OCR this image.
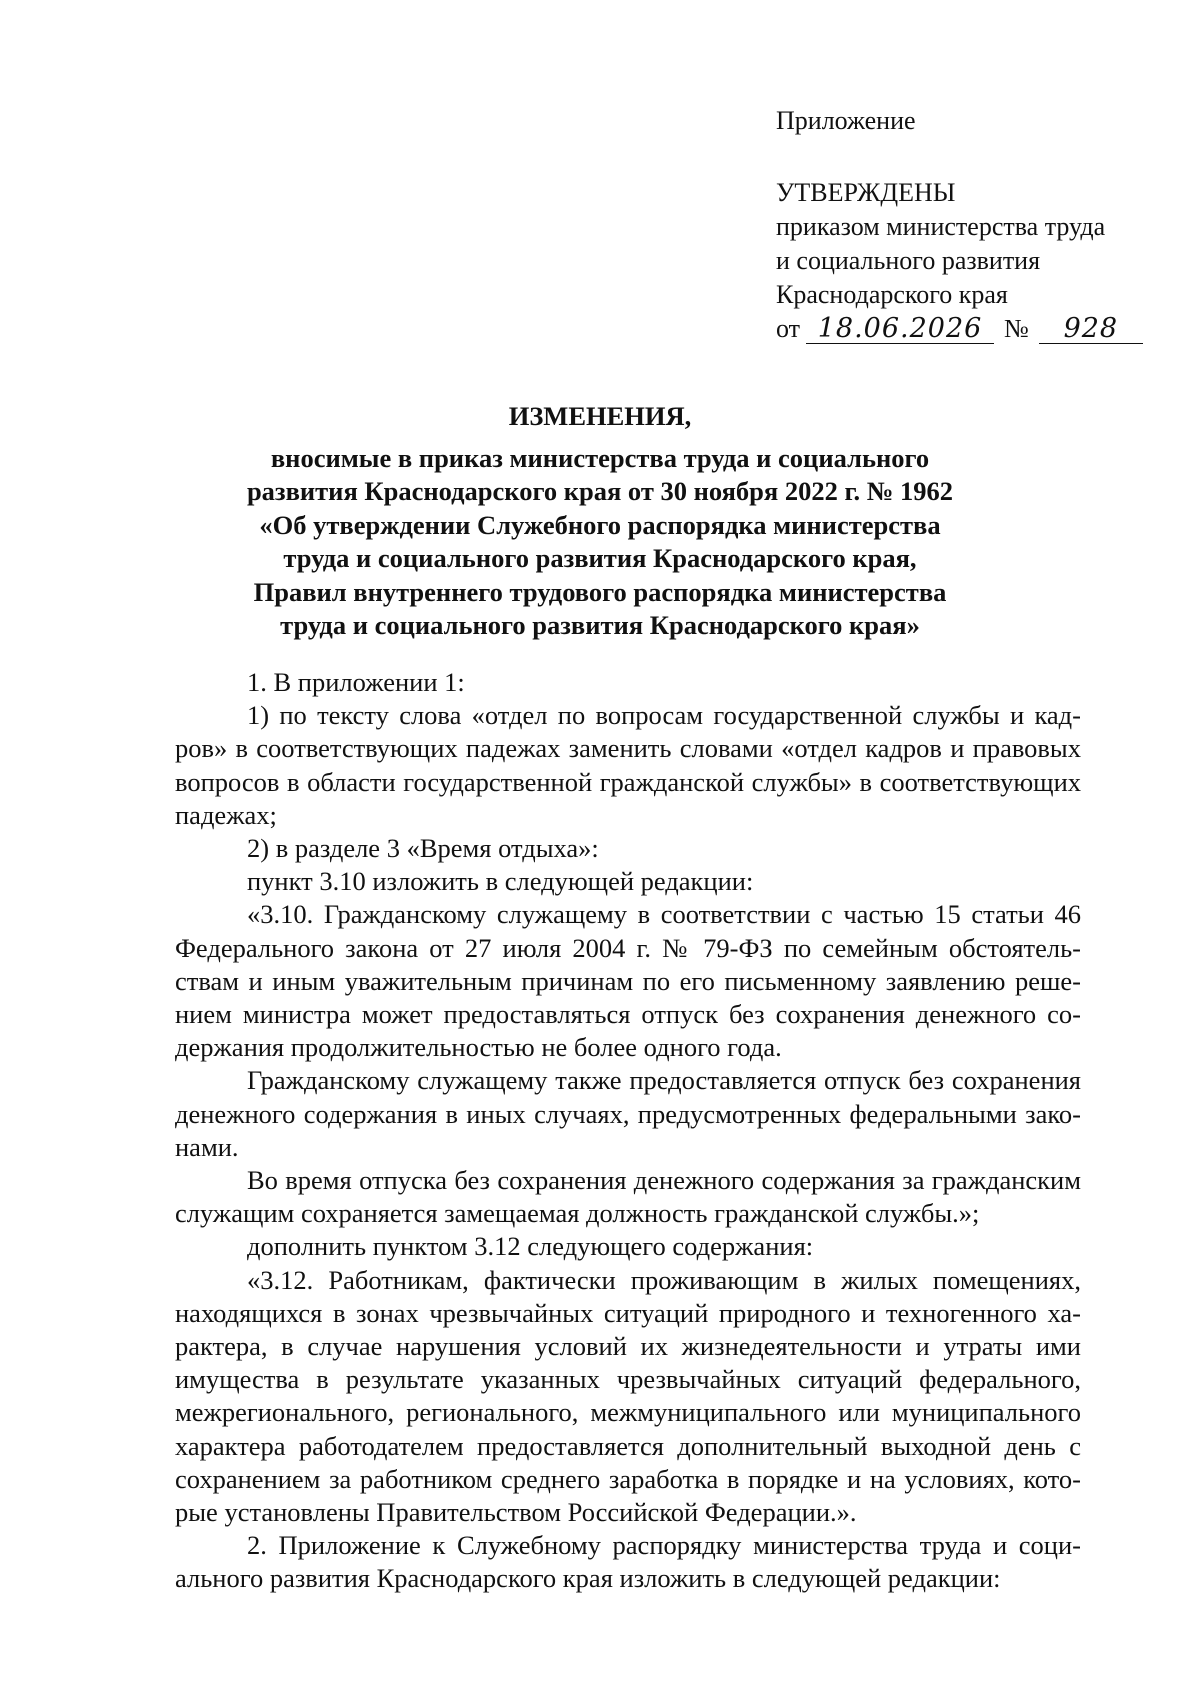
Приложение
УТВЕРЖДЕНЫ
приказом министерства труда
и социального развития
Краснодарского края
от 18.06.2026 № 928
ИЗМЕНЕНИЯ,
вносимые в приказ министерства труда и социального
развития Краснодарского края от 30 ноября 2022 г. № 1962
«Об утверждении Служебного распорядка министерства
труда и социального развития Краснодарского края,
Правил внутреннего трудового распорядка министерства
труда и социального развития Краснодарского края»

1. В приложении 1:

1) по тексту слова «отдел по вопросам государственной службы и кадров» в соответствующих падежах заменить словами «отдел кадров и правовых вопросов в области государственной гражданской службы» в соответствующих падежах;

2) в разделе 3 «Время отдыха»:

пункт 3.10 изложить в следующей редакции:

«3.10. Гражданскому служащему в соответствии с частью 15 статьи 46 Федерального закона от 27 июля 2004 г. № 79-ФЗ по семейным обстоятельствам и иным уважительным причинам по его письменному заявлению решением министра может предоставляться отпуск без сохранения денежного содержания продолжительностью не более одного года.

Гражданскому служащему также предоставляется отпуск без сохранения денежного содержания в иных случаях, предусмотренных федеральными законами.

Во время отпуска без сохранения денежного содержания за гражданским служащим сохраняется замещаемая должность гражданской службы.»;

дополнить пунктом 3.12 следующего содержания:

«3.12. Работникам, фактически проживающим в жилых помещениях, находящихся в зонах чрезвычайных ситуаций природного и техногенного характера, в случае нарушения условий их жизнедеятельности и утраты ими имущества в результате указанных чрезвычайных ситуаций федерального, межрегионального, регионального, межмуниципального или муниципального характера работодателем предоставляется дополнительный выходной день с сохранением за работником среднего заработка в порядке и на условиях, которые установлены Правительством Российской Федерации.».

2. Приложение к Служебному распорядку министерства труда и социального развития Краснодарского края изложить в следующей редакции:
